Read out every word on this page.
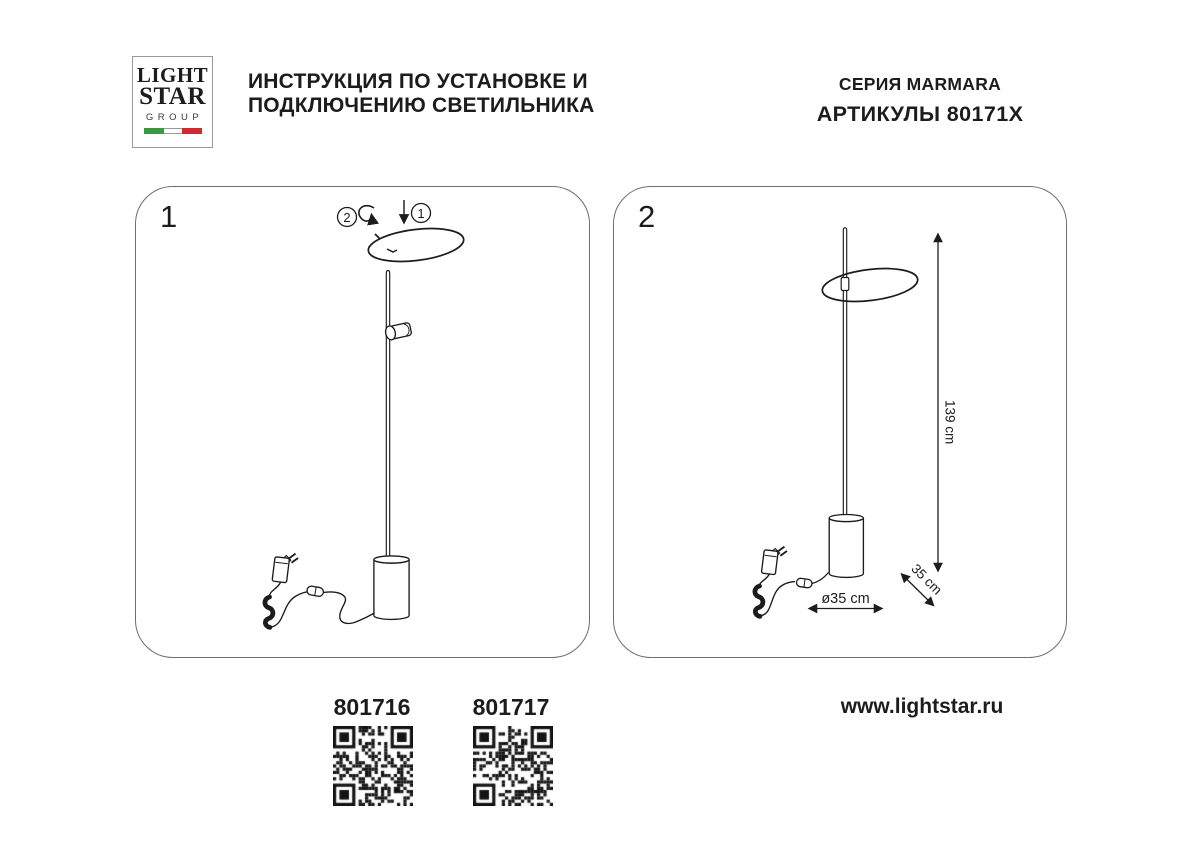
LIGHT
STAR
GROUP
ИНСТРУКЦИЯ ПО УСТАНОВКЕ И
ПОДКЛЮЧЕНИЮ СВЕТИЛЬНИКА
СЕРИЯ MARMARA
АРТИКУЛЫ 80171X
1	2	1	2
139 cm
ø35 cm
35 cm
801716	801717	www.lightstar.ru
